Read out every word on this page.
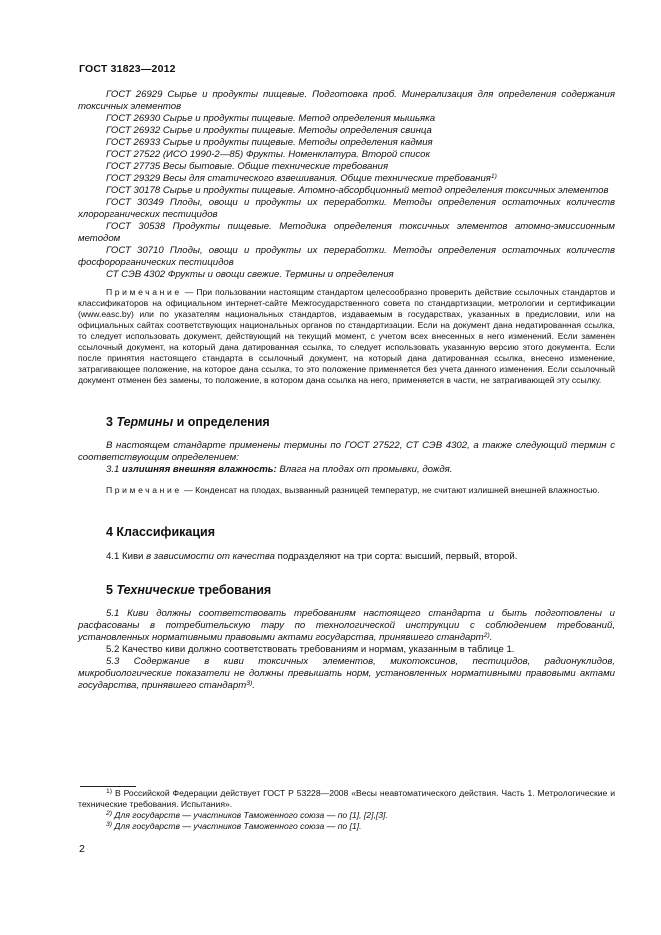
ГОСТ 31823—2012

ГОСТ 26929 Сырье и продукты пищевые. Подготовка проб. Минерализация для определения содержания токсичных элементов

ГОСТ 26930 Сырье и продукты пищевые. Метод определения мышьяка

ГОСТ 26932 Сырье и продукты пищевые. Методы определения свинца

ГОСТ 26933 Сырье и продукты пищевые. Методы определения кадмия

ГОСТ 27522 (ИСО 1990-2—85) Фрукты. Номенклатура. Второй список

ГОСТ 27735 Весы бытовые. Общие технические требования

ГОСТ 29329 Весы для статического взвешивания. Общие технические требования$^{1)}$

ГОСТ 30178 Сырье и продукты пищевые. Атомно-абсорбционный метод определения токсичных элементов

ГОСТ 30349 Плоды, овощи и продукты их переработки. Методы определения остаточных количеств хлорорганических пестицидов

ГОСТ 30538 Продукты пищевые. Методика определения токсичных элементов атомно-эмиссионным методом

ГОСТ 30710 Плоды, овощи и продукты их переработки. Методы определения остаточных количеств фосфорорганических пестицидов

СТ СЭВ 4302 Фрукты и овощи свежие. Термины и определения

Примечание — При пользовании настоящим стандартом целесообразно проверить действие ссылочных стандартов и классификаторов на официальном интернет-сайте Межгосударственного совета по стандартизации, метрологии и сертификации (www.easc.by) или по указателям национальных стандартов, издаваемым в государствах, указанных в предисловии, или на официальных сайтах соответствующих национальных органов по стандартизации. Если на документ дана недатированная ссылка, то следует использовать документ, действующий на текущий момент, с учетом всех внесенных в него изменений. Если заменен ссылочный документ, на который дана датированная ссылка, то следует использовать указанную версию этого документа. Если после принятия настоящего стандарта в ссылочный документ, на который дана датированная ссылка, внесено изменение, затрагивающее положение, на которое дана ссылка, то это положение применяется без учета данного изменения. Если ссылочный документ отменен без замены, то положение, в котором дана ссылка на него, применяется в части, не затрагивающей эту ссылку.

3 Термины и определения

В настоящем стандарте применены термины по ГОСТ 27522, СТ СЭВ 4302, а также следующий термин с соответствующим определением:

3.1 излишняя внешняя влажность: Влага на плодах от промывки, дождя.

Примечание — Конденсат на плодах, вызванный разницей температур, не считают излишней внешней влажностью.

4 Классификация

4.1 Киви в зависимости от качества подразделяют на три сорта: высший, первый, второй.

5 Технические требования

5.1 Киви должны соответствовать требованиям настоящего стандарта и быть подготовлены и расфасованы в потребительскую тару по технологической инструкции с соблюдением требований, установленных нормативными правовыми актами государства, принявшего стандарт$^{2)}$.

5.2 Качество киви должно соответствовать требованиям и нормам, указанным в таблице 1.

5.3 Содержание в киви токсичных элементов, микотоксинов, пестицидов, радионуклидов, микробиологические показатели не должны превышать норм, установленных нормативными правовыми актами государства, принявшего стандарт$^{3)}$.

$^{1)}$ В Российской Федерации действует ГОСТ Р 53228—2008 «Весы неавтоматического действия. Часть 1. Метрологические и технические требования. Испытания».

$^{2)}$ Для государств — участников Таможенного союза — по [1], [2],[3].

$^{3)}$ Для государств — участников Таможенного союза — по [1].

2
